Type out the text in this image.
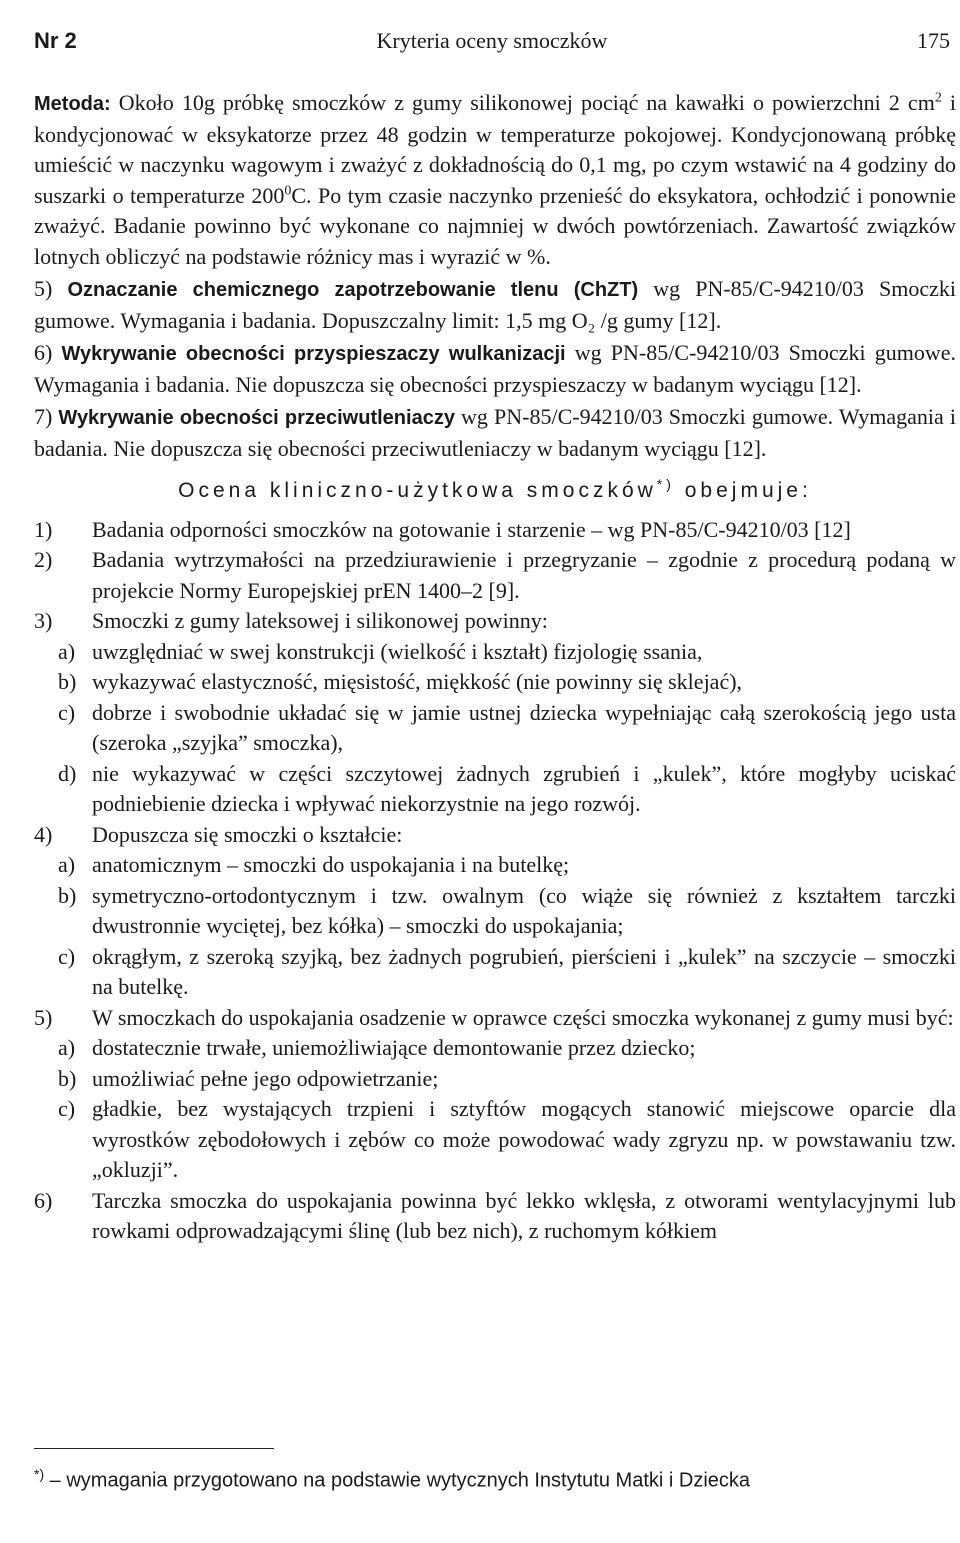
Nr 2	Kryteria oceny smoczków	175

Metoda: Około 10g próbkę smoczków z gumy silikonowej pociąć na kawałki o powierzchni 2 $cm^2$ i kondycjonować w eksykatorze przez 48 godzin w temperaturze pokojowej. Kondycjonowaną próbkę umieścić w naczynku wagowym i zważyć z dokładnością do 0,1 mg, po czym wstawić na 4 godziny do suszarki o temperaturze $200^0C$. Po tym czasie naczynko przenieść do eksykatora, ochłodzić i ponownie zważyć. Badanie powinno być wykonane co najmniej w dwóch powtórzeniach. Zawartość związków lotnych obliczyć na podstawie różnicy mas i wyrazić w %.

5) Oznaczanie chemicznego zapotrzebowanie tlenu (ChZT) wg PN-85/C-94210/03 Smoczki gumowe. Wymagania i badania. Dopuszczalny limit: 1,5 mg O₂ /g gumy [12].

6) Wykrywanie obecności przyspieszaczy wulkanizacji wg PN-85/C-94210/03 Smoczki gumowe. Wymagania i badania. Nie dopuszcza się obecności przyspieszaczy w badanym wyciągu [12].

7) Wykrywanie obecności przeciwutleniaczy wg PN-85/C-94210/03 Smoczki gumowe. Wymagania i badania. Nie dopuszcza się obecności przeciwutleniaczy w badanym wyciągu [12].

Ocena kliniczno-użytkowa smoczków*) obejmuje:
1) Badania odporności smoczków na gotowanie i starzenie – wg PN-85/C-94210/03 [12]
2) Badania wytrzymałości na przedziurawienie i przegryzanie – zgodnie z procedurą podaną w projekcie Normy Europejskiej prEN 1400–2 [9].
3) Smoczki z gumy lateksowej i silikonowej powinny:
a) uwzględniać w swej konstrukcji (wielkość i kształt) fizjologię ssania,
b) wykazywać elastyczność, mięsistość, miękkość (nie powinny się sklejać),
c) dobrze i swobodnie układać się w jamie ustnej dziecka wypełniając całą szerokością jego usta (szeroka „szyjka” smoczka),
d) nie wykazywać w części szczytowej żadnych zgrubień i „kulek”, które mogłyby uciskać podniebienie dziecka i wpływać niekorzystnie na jego rozwój.
4) Dopuszcza się smoczki o kształcie:
a) anatomicznym – smoczki do uspokajania i na butelkę;
b) symetryczno-ortodontycznym i tzw. owalnym (co wiąże się również z kształtem tarczki dwustronnie wyciętej, bez kółka) – smoczki do uspokajania;
c) okrągłym, z szeroką szyjką, bez żadnych pogrubień, pierścieni i „kulek” na szczycie – smoczki na butelkę.
5) W smoczkach do uspokajania osadzenie w oprawce części smoczka wykonanej z gumy musi być:
a) dostatecznie trwałe, uniemożliwiające demontowanie przez dziecko;
b) umożliwiać pełne jego odpowietrzanie;
c) gładkie, bez wystających trzpieni i sztyftów mogących stanowić miejscowe oparcie dla wyrostków zębodołowych i zębów co może powodować wady zgryzu np. w powstawaniu tzw. „okluzji”.
6) Tarczka smoczka do uspokajania powinna być lekko wklęsła, z otworami wentylacyjnymi lub rowkami odprowadzającymi ślinę (lub bez nich), z ruchomym kółkiem
*) – wymagania przygotowano na podstawie wytycznych Instytutu Matki i Dziecka
